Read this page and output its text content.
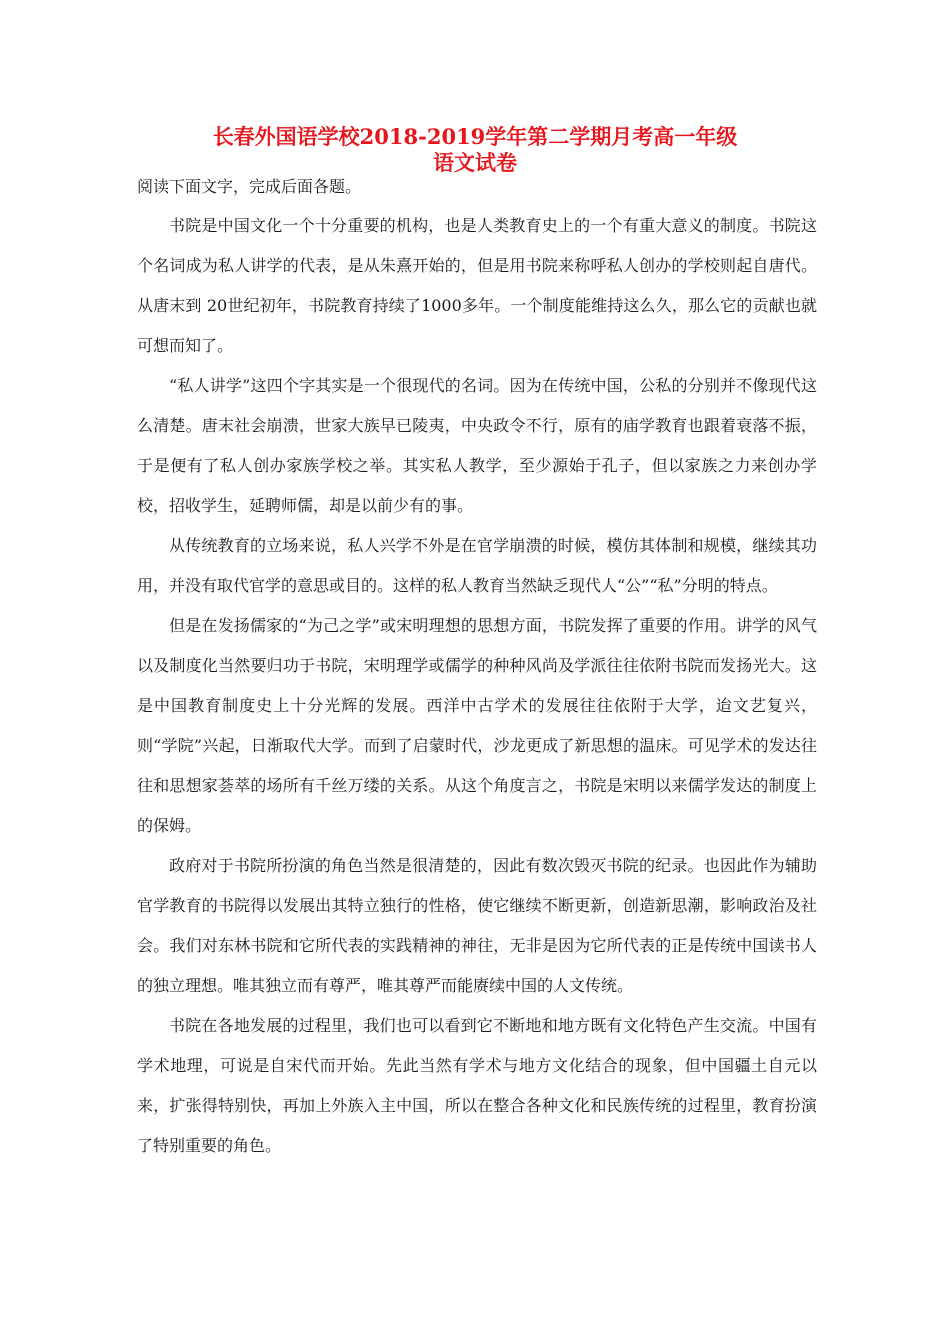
长春外国语学校2018-2019学年第二学期月考高一年级
语文试卷

阅读下面文字，完成后面各题。

书院是中国文化一个十分重要的机构，也是人类教育史上的一个有重大意义的制度。书院这个名词成为私人讲学的代表，是从朱熹开始的，但是用书院来称呼私人创办的学校则起自唐代。从唐末到 20世纪初年，书院教育持续了1000多年。一个制度能维持这么久，那么它的贡献也就可想而知了。

“私人讲学”这四个字其实是一个很现代的名词。因为在传统中国，公私的分别并不像现代这么清楚。唐末社会崩溃，世家大族早已陵夷，中央政令不行，原有的庙学教育也跟着衰落不振，于是便有了私人创办家族学校之举。其实私人教学，至少源始于孔子，但以家族之力来创办学校，招收学生，延聘师儒，却是以前少有的事。

从传统教育的立场来说，私人兴学不外是在官学崩溃的时候，模仿其体制和规模，继续其功用，并没有取代官学的意思或目的。这样的私人教育当然缺乏现代人“公”“私”分明的特点。

但是在发扬儒家的“为己之学”或宋明理想的思想方面，书院发挥了重要的作用。讲学的风气以及制度化当然要归功于书院，宋明理学或儒学的种种风尚及学派往往依附书院而发扬光大。这是中国教育制度史上十分光辉的发展。西洋中古学术的发展往往依附于大学，迨文艺复兴，则“学院”兴起，日渐取代大学。而到了启蒙时代，沙龙更成了新思想的温床。可见学术的发达往往和思想家荟萃的场所有千丝万缕的关系。从这个角度言之，书院是宋明以来儒学发达的制度上的保姆。

政府对于书院所扮演的角色当然是很清楚的，因此有数次毁灭书院的纪录。也因此作为辅助官学教育的书院得以发展出其特立独行的性格，使它继续不断更新，创造新思潮，影响政治及社会。我们对东林书院和它所代表的实践精神的神往，无非是因为它所代表的正是传统中国读书人的独立理想。唯其独立而有尊严，唯其尊严而能赓续中国的人文传统。

书院在各地发展的过程里，我们也可以看到它不断地和地方既有文化特色产生交流。中国有学术地理，可说是自宋代而开始。先此当然有学术与地方文化结合的现象，但中国疆土自元以来，扩张得特别快，再加上外族入主中国，所以在整合各种文化和民族传统的过程里，教育扮演了特别重要的角色。
